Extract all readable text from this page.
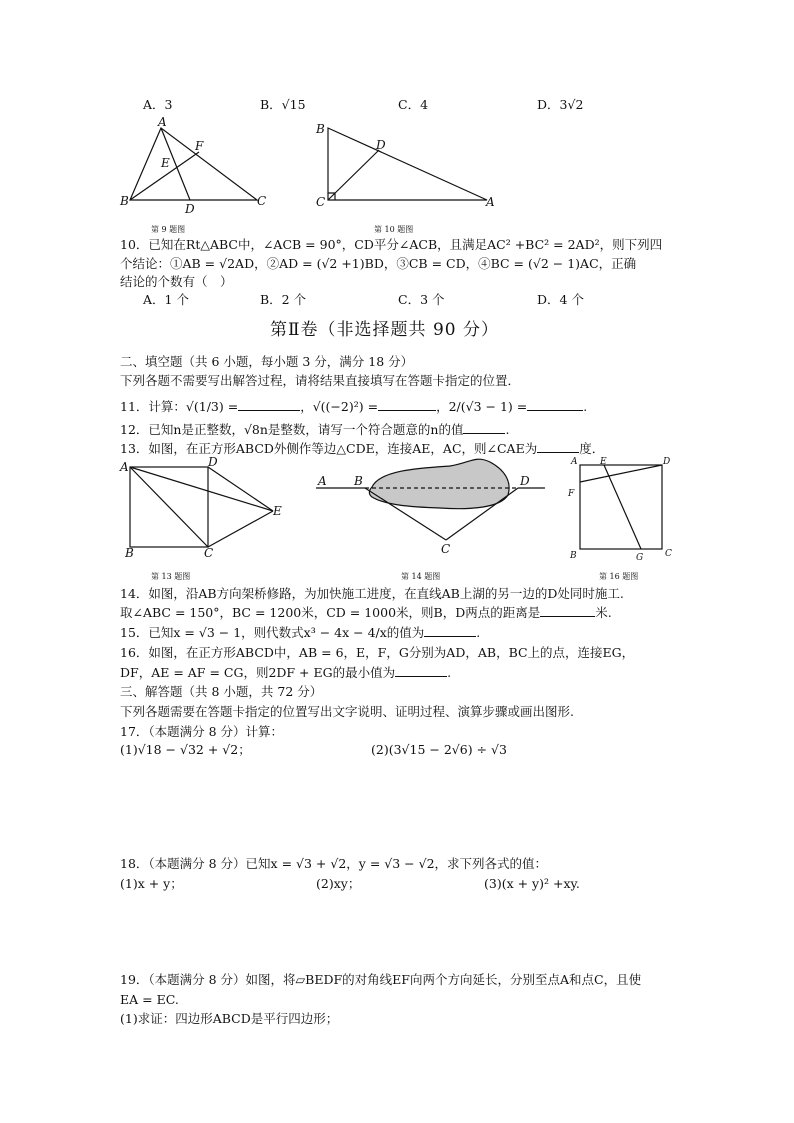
A．3	B．√15	C．4	D．3√2
A
F
E
B
D
C
B
D
C	A
第 9 题图	第 10 题图
10．已知在Rt△ABC中，∠ACB = 90°，CD平分∠ACB，且满足AC² +BC² = 2AD²，则下列四
个结论：①AB = √2AD，②AD = (√2 +1)BD，③CB = CD，④BC = (√2 − 1)AC，正确
结论的个数有（　）
A．1 个	B．2 个	C．3 个	D．4 个
第Ⅱ卷（非选择题共 90 分）
二、填空题（共 6 小题，每小题 3 分，满分 18 分）
下列各题不需要写出解答过程，请将结果直接填写在答题卡指定的位置．
11．计算：√(1/3) =	，√((−2)²) =	，2/(√3 − 1) =	.
12．已知n是正整数，√8n是整数，请写一个符合题意的n的值	.
13．如图，在正方形ABCD外侧作等边△CDE，连接AE，AC，则∠CAE为	度．
A	D
E
B	C
A B	D
C
A	E	D
F
B	G C
第 13 题图	第 14 题图	第 16 题图
14．如图，沿AB方向架桥修路，为加快施工进度，在直线AB上湖的另一边的D处同时施工.
取∠ABC = 150°，BC = 1200米，CD = 1000米，则B，D两点的距离是	米.
15．已知x = √3 − 1，则代数式x³ − 4x − 4/x的值为	.
16．如图，在正方形ABCD中，AB = 6，E，F，G分别为AD，AB，BC上的点，连接EG，
DF，AE = AF = CG，则2DF + EG的最小值为	.
三、解答题（共 8 小题，共 72 分）
下列各题需要在答题卡指定的位置写出文字说明、证明过程、演算步骤或画出图形.
17．（本题满分 8 分）计算：
(1)√18 − √32 + √2；	(2)(3√15 − 2√6) ÷ √3
18．（本题满分 8 分）已知x = √3 + √2，y = √3 − √2，求下列各式的值：
(1)x + y；	(2)xy；	(3)(x + y)² +xy.
19．（本题满分 8 分）如图，将▱BEDF的对角线EF向两个方向延长，分别至点A和点C，且使
EA = EC.
(1)求证：四边形ABCD是平行四边形；
